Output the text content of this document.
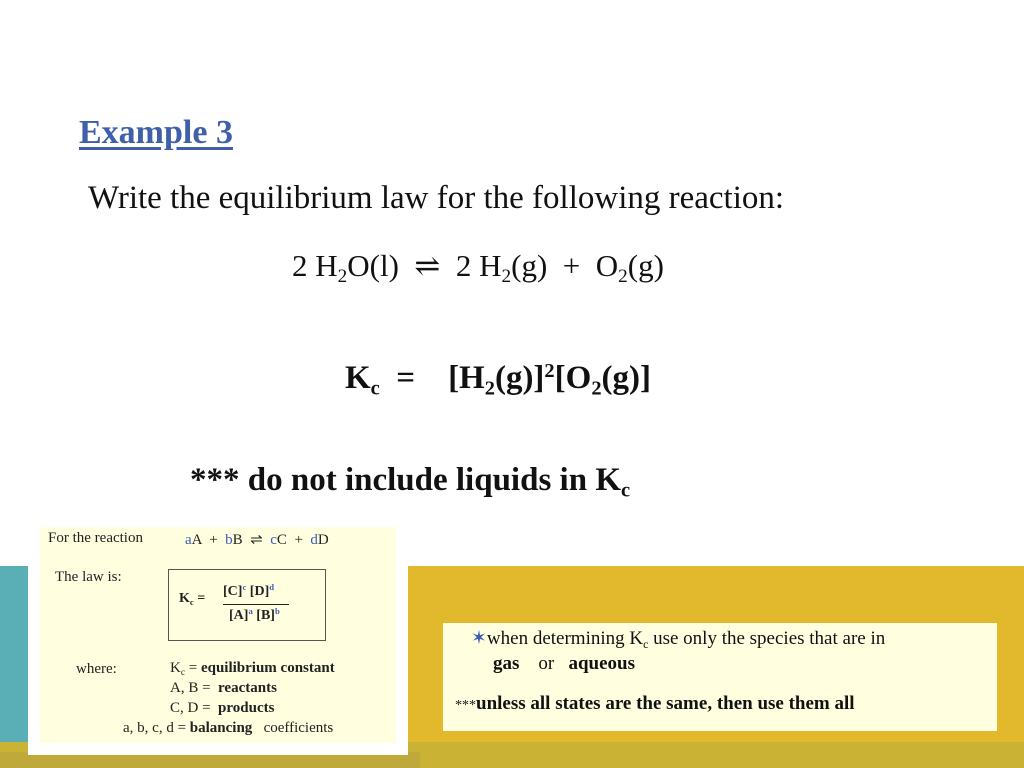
Example 3
Write the equilibrium law for the following reaction:
2 $H_2O(l)$ ⇌ 2 $H_2(g) + O_2(g)$
$K_c = [H_2(g)]^2[O_2(g)]$
*** do not include liquids in $K_c$
For the reaction	aA + bB ⇌ cC + dD
The law is:
$K_c = [C]^c$ $[D]^d$
$[A]^a$ $[B]^b$
where:	$K_c$ = equilibrium constant
A, B = reactants
C, D = products
a, b, c, d = balancing coefficients
✶when determining $K_c$ use only the species that are in
gas or aqueous
***unless all states are the same, then use them all
